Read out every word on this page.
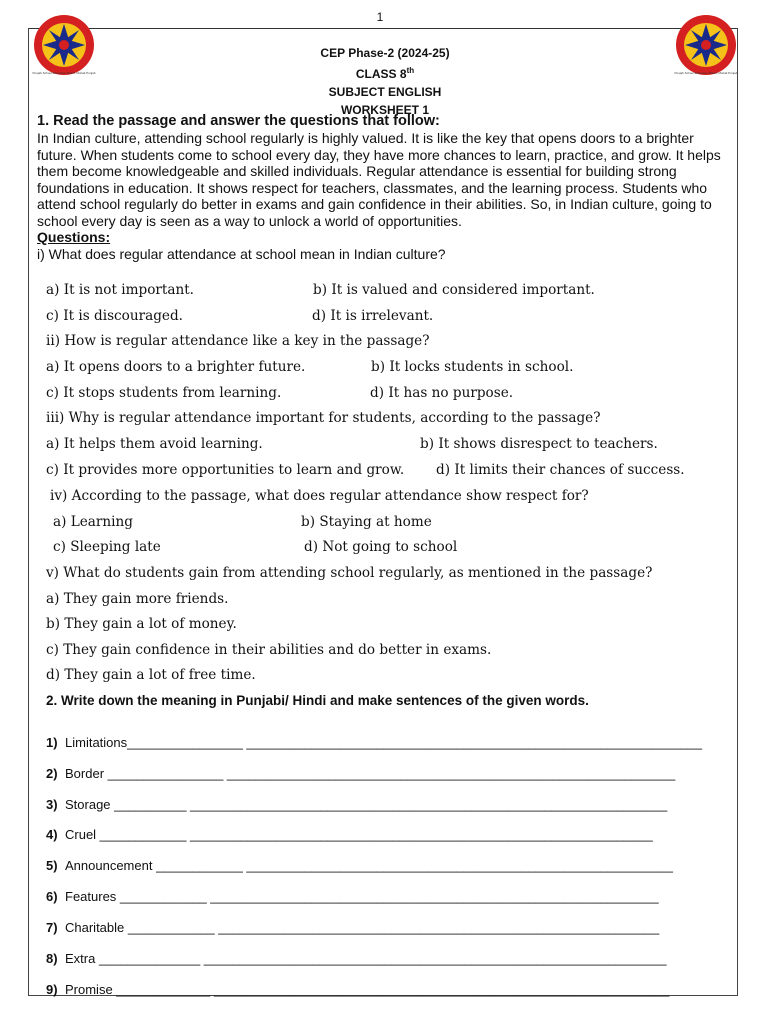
1
Punjab School Education Board, Mohali Punjab	Punjab School Education Board, Mohali Punjab
CEP Phase-2 (2024-25)
CLASS 8th
SUBJECT ENGLISH
WORKSHEET 1
1. Read the passage and answer the questions that follow:

In Indian culture, attending school regularly is highly valued. It is like the key that opens doors to a brighter future. When students come to school every day, they have more chances to learn, practice, and grow. It helps them become knowledgeable and skilled individuals. Regular attendance is essential for building strong foundations in education. It shows respect for teachers, classmates, and the learning process. Students who attend school regularly do better in exams and gain confidence in their abilities. So, in Indian culture, going to school every day is seen as a way to unlock a world of opportunities.

Questions:
i) What does regular attendance at school mean in Indian culture?
a) It is not important.	b) It is valued and considered important.
c) It is discouraged.	d) It is irrelevant.
ii) How is regular attendance like a key in the passage?
a) It opens doors to a brighter future.	b) It locks students in school.
c) It stops students from learning.	d) It has no purpose.
iii) Why is regular attendance important for students, according to the passage?
a) It helps them avoid learning.	b) It shows disrespect to teachers.
c) It provides more opportunities to learn and grow. d) It limits their chances of success.
iv) According to the passage, what does regular attendance show respect for?
a) Learning	b) Staying at home
c) Sleeping late	d) Not going to school
v) What do students gain from attending school regularly, as mentioned in the passage?
a) They gain more friends.
b) They gain a lot of money.
c) They gain confidence in their abilities and do better in exams.
d) They gain a lot of free time.
2. Write down the meaning in Punjabi/ Hindi and make sentences of the given words.
1) Limitations________________ _______________________________________________________________
2) Border ________________ ______________________________________________________________
3) Storage __________ __________________________________________________________________
4) Cruel ____________ ________________________________________________________________
5) Announcement ____________ ___________________________________________________________
6) Features ____________ ______________________________________________________________
7) Charitable ____________ _____________________________________________________________
8) Extra ______________ ________________________________________________________________
9) Promise _____________ _______________________________________________________________
